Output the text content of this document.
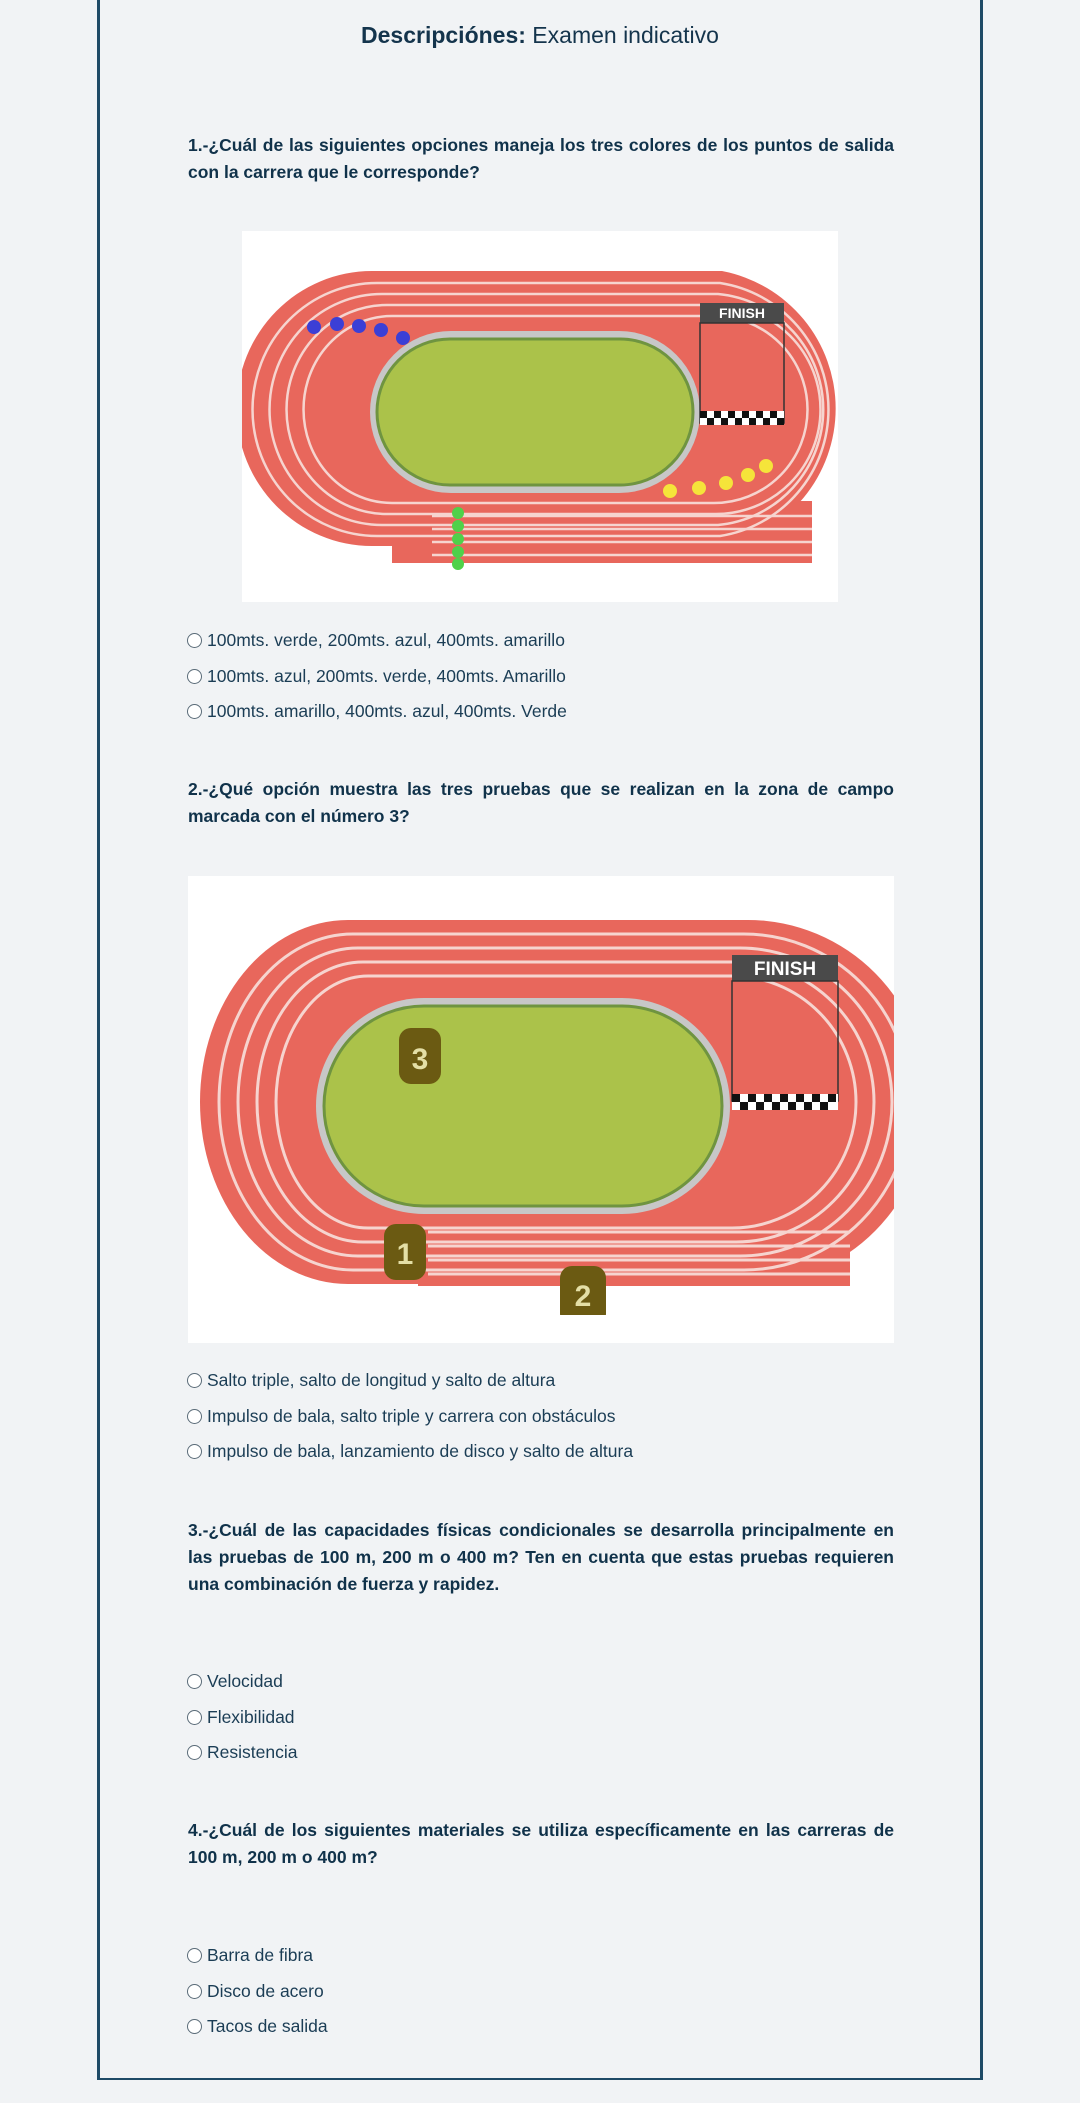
Descripciónes: Examen indicativo
1.-¿Cuál de las siguientes opciones maneja los tres colores de los puntos de salida con la carrera que le corresponde?
FINISH
100mts. verde, 200mts. azul, 400mts. amarillo
100mts. azul, 200mts. verde, 400mts. Amarillo
100mts. amarillo, 400mts. azul, 400mts. Verde
2.-¿Qué opción muestra las tres pruebas que se realizan en la zona de campo marcada con el número 3?
FINISH
3
1
2
Salto triple, salto de longitud y salto de altura
Impulso de bala, salto triple y carrera con obstáculos
Impulso de bala, lanzamiento de disco y salto de altura
3.-¿Cuál de las capacidades físicas condicionales se desarrolla principalmente en las pruebas de 100 m, 200 m o 400 m? Ten en cuenta que estas pruebas requieren una combinación de fuerza y rapidez.
Velocidad
Flexibilidad
Resistencia
4.-¿Cuál de los siguientes materiales se utiliza específicamente en las carreras de 100 m, 200 m o 400 m?
Barra de fibra
Disco de acero
Tacos de salida
